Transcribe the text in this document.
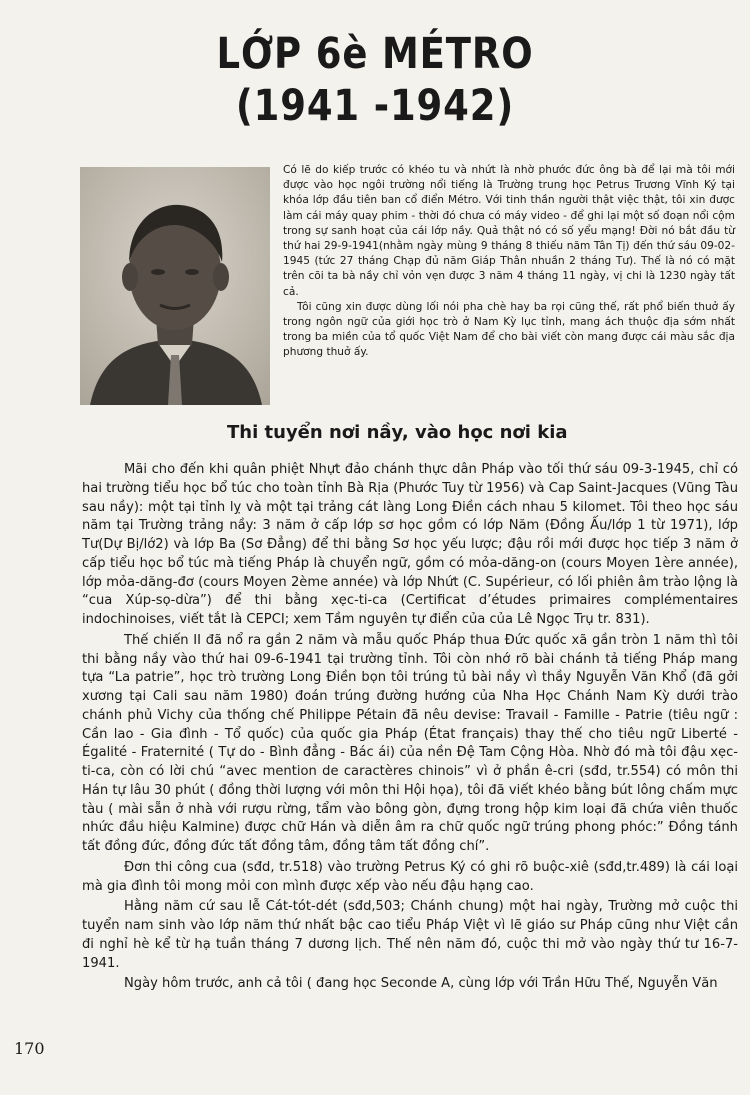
LỚP 6è MÉTRO
(1941 -1942)

Có lẽ do kiếp trước có khéo tu và nhứt là nhờ phước đức ông bà để lại mà tôi mới được vào học ngôi trường nổi tiếng là Trường trung học Petrus Trương Vĩnh Ký tại khóa lớp đầu tiên ban cổ điển Métro. Với tinh thần người thật việc thật, tôi xin được làm cái máy quay phim - thời đó chưa có máy video - để ghi lại một số đoạn nổi cộm trong sự sanh hoạt của cái lớp nầy. Quả thật nó có số yểu mạng! Đời nó bắt đầu từ thứ hai 29-9-1941(nhằm ngày mùng 9 tháng 8 thiếu năm Tân Tị) đến thứ sáu 09-02-1945 (tức 27 tháng Chạp đủ năm Giáp Thân nhuần 2 tháng Tư). Thế là nó có mặt trên cõi ta bà nầy chỉ vỏn vẹn được 3 năm 4 tháng 11 ngày, vị chi là 1230 ngày tất cả.

Tôi cũng xin được dùng lối nói pha chè hay ba rọi cũng thế, rất phổ biến thuở ấy trong ngôn ngữ của giới học trò ở Nam Kỳ lục tỉnh, mang ách thuộc địa sớm nhất trong ba miền của tổ quốc Việt Nam để cho bài viết còn mang được cái màu sắc địa phương thuở ấy.

Thi tuyển nơi nầy, vào học nơi kia

Mãi cho đến khi quân phiệt Nhựt đảo chánh thực dân Pháp vào tối thứ sáu 09-3-1945, chỉ có hai trường tiểu học bổ túc cho toàn tỉnh Bà Rịa (Phước Tuy từ 1956) và Cap Saint-Jacques (Vũng Tàu sau nầy): một tại tỉnh lỵ và một tại trảng cát làng Long Điền cách nhau 5 kilomet. Tôi theo học sáu năm tại Trường trảng nầy: 3 năm ở cấp lớp sơ học gồm có lớp Năm (Đồng Ấu/lớp 1 từ 1971), lớp Tư(Dự Bị/lớ2) và lớp Ba (Sơ Đẳng) để thi bằng Sơ học yếu lược; đậu rồi mới được học tiếp 3 năm ở cấp tiểu học bổ túc mà tiếng Pháp là chuyển ngữ, gồm có mỏa-dăng-on (cours Moyen 1ère année), lớp mỏa-dăng-đơ (cours Moyen 2ème année) và lớp Nhứt (C. Supérieur, có lối phiên âm trào lộng là “cua Xúp-sọ-dừa”) để thi bằng xẹc-ti-ca (Certificat d’études primaires complémentaires indochinoises, viết tắt là CEPCI; xem Tầm nguyên tự điển của của Lê Ngọc Trụ tr. 831).

Thế chiến II đã nổ ra gần 2 năm và mẫu quốc Pháp thua Đức quốc xã gần tròn 1 năm thì tôi thi bằng nầy vào thứ hai 09-6-1941 tại trường tỉnh. Tôi còn nhớ rõ bài chánh tả tiếng Pháp mang tựa “La patrie”, học trò trường Long Điền bọn tôi trúng tủ bài nầy vì thầy Nguyễn Văn Khổ (đã gởi xương tại Cali sau năm 1980) đoán trúng đường hướng của Nha Học Chánh Nam Kỳ dưới trào chánh phủ Vichy của thống chế Philippe Pétain đã nêu devise: Travail - Famille - Patrie (tiêu ngữ : Cần lao - Gia đình - Tổ quốc) của quốc gia Pháp (État français) thay thế cho tiêu ngữ Liberté - Égalité - Fraternité ( Tự do - Bình đẳng - Bác ái) của nền Đệ Tam Cộng Hòa. Nhờ đó mà tôi đậu xẹc-ti-ca, còn có lời chú “avec mention de caractères chinois” vì ở phần ê-cri (sđd, tr.554) có môn thi Hán tự lâu 30 phút ( đồng thời lượng với môn thi Hội họa), tôi đã viết khéo bằng bút lông chấm mực tàu ( mài sẵn ở nhà với rượu rừng, tẩm vào bông gòn, đựng trong hộp kim loại đã chứa viên thuốc nhức đầu hiệu Kalmine) được chữ Hán và diễn âm ra chữ quốc ngữ trúng phong phóc:” Đồng tánh tất đồng đức, đồng đức tất đồng tâm, đồng tâm tất đồng chí”.

Đơn thi công cua (sđd, tr.518) vào trường Petrus Ký có ghi rõ buộc-xiê (sđd,tr.489) là cái loại mà gia đình tôi mong mỏi con mình được xếp vào nếu đậu hạng cao.

Hằng năm cứ sau lễ Cát-tót-dét (sđd,503; Chánh chung) một hai ngày, Trường mở cuộc thi tuyển nam sinh vào lớp năm thứ nhất bậc cao tiểu Pháp Việt vì lẽ giáo sư Pháp cũng như Việt cần đi nghỉ hè kể từ hạ tuần tháng 7 dương lịch. Thế nên năm đó, cuộc thi mở vào ngày thứ tư 16-7-1941.

Ngày hôm trước, anh cả tôi ( đang học Seconde A, cùng lớp với Trần Hữu Thế, Nguyễn Văn

170
